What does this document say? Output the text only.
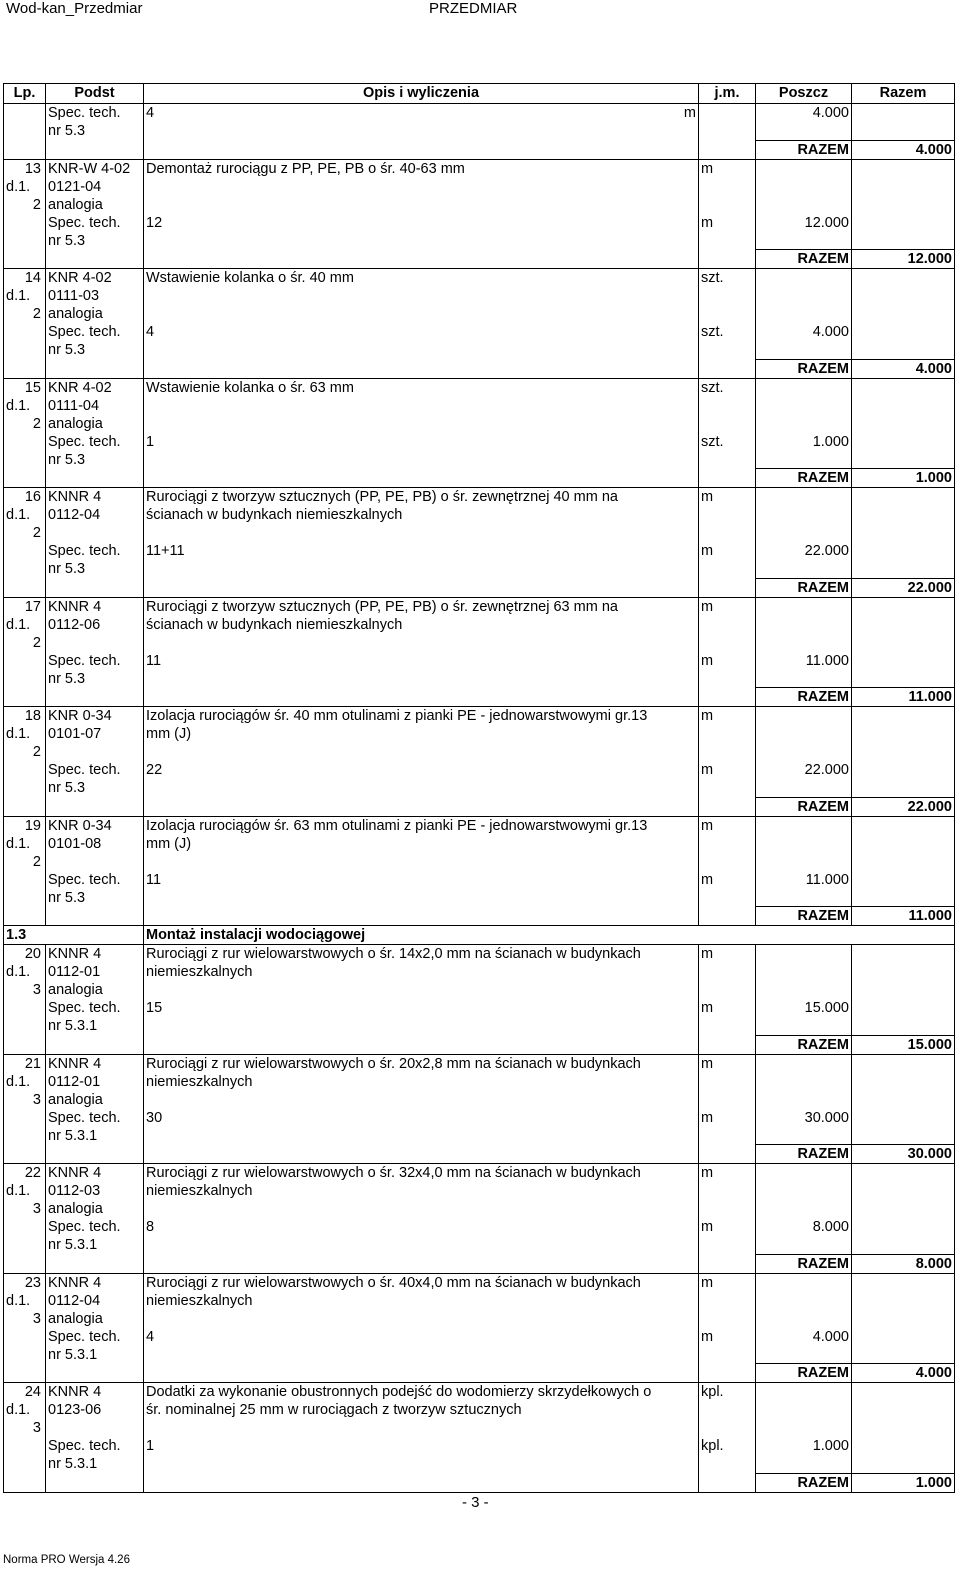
Wod-kan_Przedmiar	PRZEDMIAR
Lp.	Podst	Opis i wyliczenia	j.m.	Poszcz	Razem
	Spec. tech.	4 m		4.000	
	nr 5.3				
				RAZEM	4.000
13	KNR-W 4-02	Demontaż rurociągu z PP, PE, PB o śr. 40-63 mm	m		
d.1.	0121-04				
2	analogia				
	Spec. tech.	12	m	12.000	
	nr 5.3				
				RAZEM	12.000
14	KNR 4-02	Wstawienie kolanka o śr. 40 mm	szt.		
d.1.	0111-03				
2	analogia				
	Spec. tech.	4	szt.	4.000	
	nr 5.3				
				RAZEM	4.000
15	KNR 4-02	Wstawienie kolanka o śr. 63 mm	szt.		
d.1.	0111-04				
2	analogia				
	Spec. tech.	1	szt.	1.000	
	nr 5.3				
				RAZEM	1.000
16	KNNR 4	Rurociągi z tworzyw sztucznych (PP, PE, PB) o śr. zewnętrznej 40 mm na	m		
d.1.	0112-04	ścianach w budynkach niemieszkalnych			
2					
	Spec. tech.	11+11	m	22.000	
	nr 5.3				
				RAZEM	22.000
17	KNNR 4	Rurociągi z tworzyw sztucznych (PP, PE, PB) o śr. zewnętrznej 63 mm na	m		
d.1.	0112-06	ścianach w budynkach niemieszkalnych			
2					
	Spec. tech.	11	m	11.000	
	nr 5.3				
				RAZEM	11.000
18	KNR 0-34	Izolacja rurociągów śr. 40 mm otulinami z pianki PE - jednowarstwowymi gr.13	m		
d.1.	0101-07	mm (J)			
2					
	Spec. tech.	22	m	22.000	
	nr 5.3				
				RAZEM	22.000
19	KNR 0-34	Izolacja rurociągów śr. 63 mm otulinami z pianki PE - jednowarstwowymi gr.13	m		
d.1.	0101-08	mm (J)			
2					
	Spec. tech.	11	m	11.000	
	nr 5.3				
				RAZEM	11.000
1.3		Montaż instalacji wodociągowej			
20	KNNR 4	Rurociągi z rur wielowarstwowych o śr. 14x2,0 mm na ścianach w budynkach	m		
d.1.	0112-01	niemieszkalnych			
3	analogia				
	Spec. tech.	15	m	15.000	
	nr 5.3.1				
				RAZEM	15.000
21	KNNR 4	Rurociągi z rur wielowarstwowych o śr. 20x2,8 mm na ścianach w budynkach	m		
d.1.	0112-01	niemieszkalnych			
3	analogia				
	Spec. tech.	30	m	30.000	
	nr 5.3.1				
				RAZEM	30.000
22	KNNR 4	Rurociągi z rur wielowarstwowych o śr. 32x4,0 mm na ścianach w budynkach	m		
d.1.	0112-03	niemieszkalnych			
3	analogia				
	Spec. tech.	8	m	8.000	
	nr 5.3.1				
				RAZEM	8.000
23	KNNR 4	Rurociągi z rur wielowarstwowych o śr. 40x4,0 mm na ścianach w budynkach	m		
d.1.	0112-04	niemieszkalnych			
3	analogia				
	Spec. tech.	4	m	4.000	
	nr 5.3.1				
				RAZEM	4.000
24	KNNR 4	Dodatki za wykonanie obustronnych podejść do wodomierzy skrzydełkowych o	kpl.		
d.1.	0123-06	śr. nominalnej 25 mm w rurociągach z tworzyw sztucznych			
3					
	Spec. tech.	1	kpl.	1.000	
	nr 5.3.1				
				RAZEM	1.000
- 3 -
Norma PRO Wersja 4.26
